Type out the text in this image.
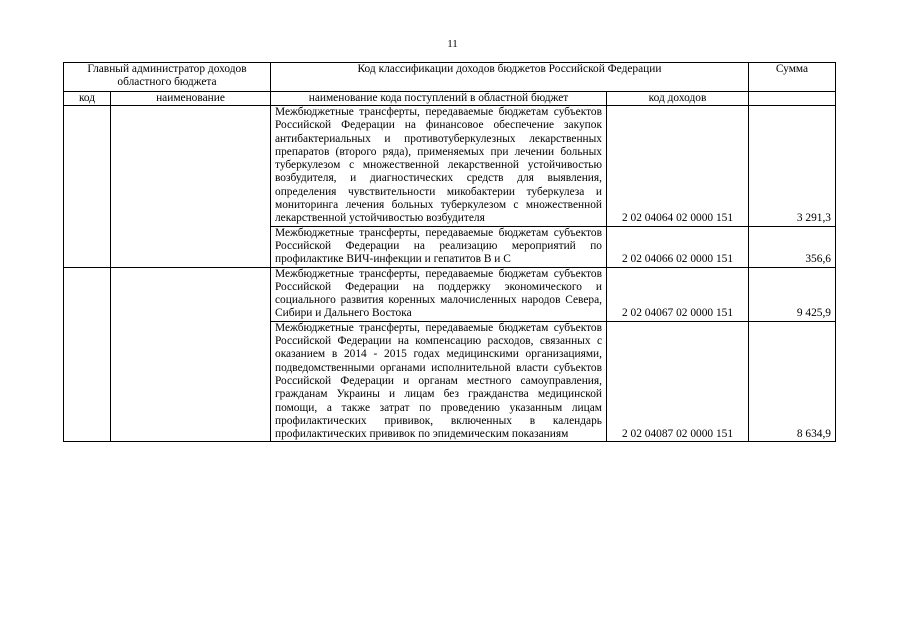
11
Главный администратор доходов областного бюджета		Код классификации доходов бюджетов Российской Федерации		Сумма
код	наименование	наименование кода поступлений в областной бюджет	код доходов	
		Межбюджетные трансферты, передаваемые бюджетам субъектов Российской Федерации на финансовое обеспечение закупок антибактериальных и противотуберкулезных лекарственных препаратов (второго ряда), применяемых при лечении больных туберкулезом с множественной лекарственной устойчивостью возбудителя, и диагностических средств для выявления, определения чувствительности микобактерии туберкулеза и мониторинга лечения больных туберкулезом с множественной лекарственной устойчивостью возбудителя	2 02 04064 02 0000 151	3 291,3
		Межбюджетные трансферты, передаваемые бюджетам субъектов Российской Федерации на реализацию мероприятий по профилактике ВИЧ-инфекции и гепатитов В и С	2 02 04066 02 0000 151	356,6
		Межбюджетные трансферты, передаваемые бюджетам субъектов Российской Федерации на поддержку экономического и социального развития коренных малочисленных народов Севера, Сибири и Дальнего Востока	2 02 04067 02 0000 151	9 425,9
		Межбюджетные трансферты, передаваемые бюджетам субъектов Российской Федерации на компенсацию расходов, связанных с оказанием в 2014 - 2015 годах медицинскими организациями, подведомственными органами исполнительной власти субъектов Российской Федерации и органам местного самоуправления, гражданам Украины и лицам без гражданства медицинской помощи, а также затрат по проведению указанным лицам профилактических прививок, включенных в календарь профилактических прививок по эпидемическим показаниям	2 02 04087 02 0000 151	8 634,9
